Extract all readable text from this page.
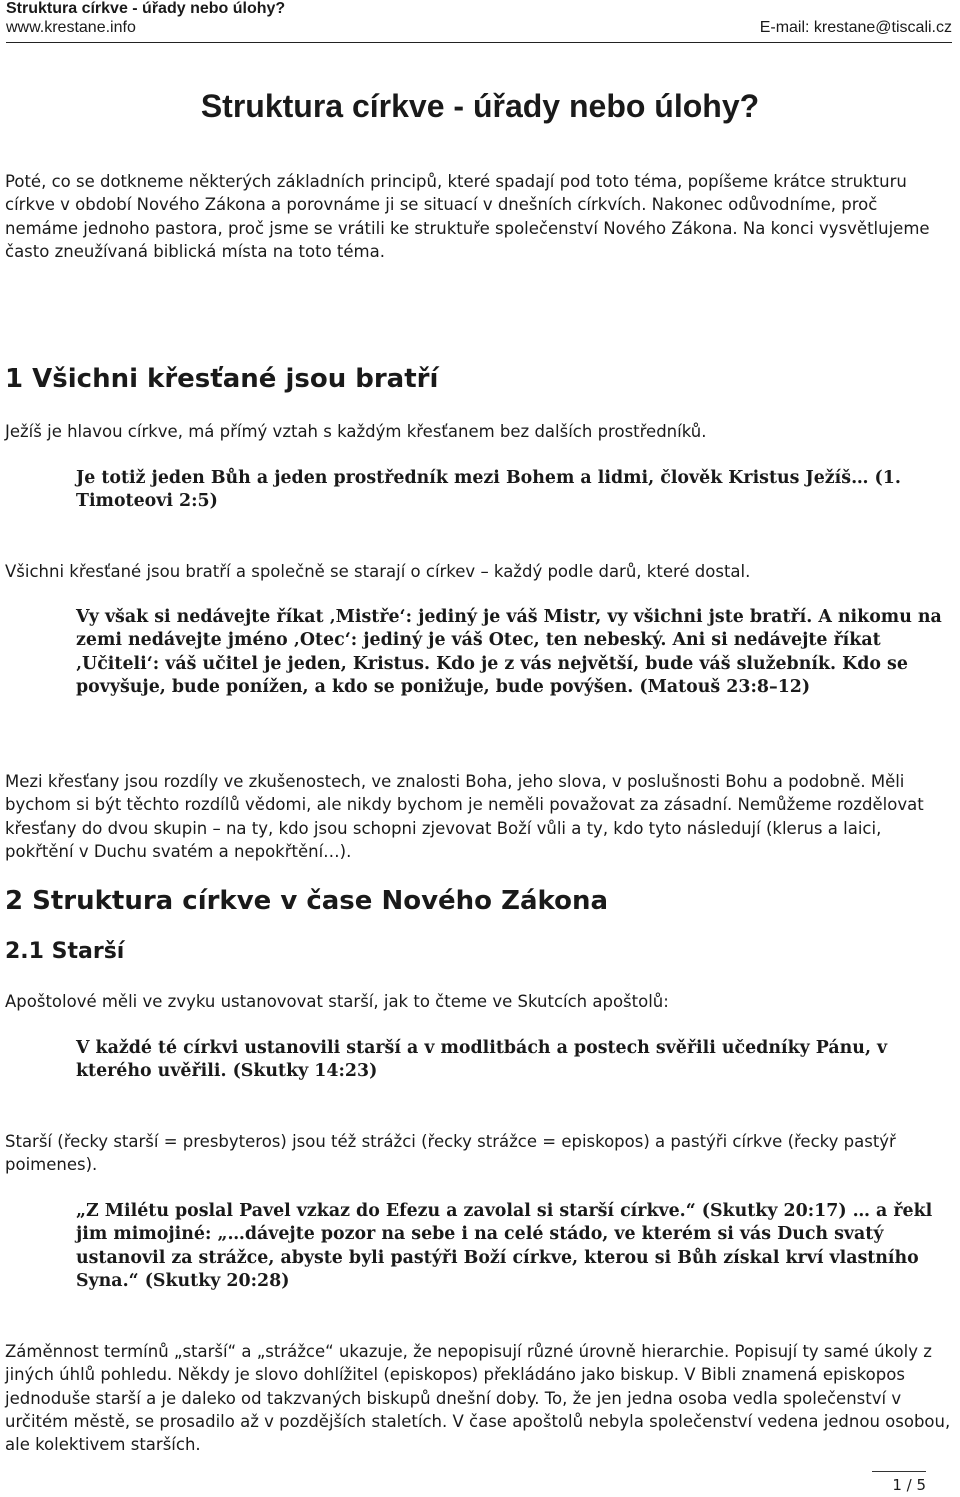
Struktura církve - úřady nebo úlohy?
www.krestane.info	E-mail: krestane@tiscali.cz
Struktura církve - úřady nebo úlohy?

Poté, co se dotkneme některých základních principů, které spadají pod toto téma, popíšeme krátce strukturu církve v období Nového Zákona a porovnáme ji se situací v dnešních církvích. Nakonec odůvodníme, proč nemáme jednoho pastora, proč jsme se vrátili ke struktuře společenství Nového Zákona. Na konci vysvětlujeme často zneužívaná biblická místa na toto téma.

1 Všichni křesťané jsou bratří

Ježíš je hlavou církve, má přímý vztah s každým křesťanem bez dalších prostředníků.

Je totiž jeden Bůh a jeden prostředník mezi Bohem a lidmi, člověk Kristus Ježíš… (1. Timoteovi 2:5)

Všichni křesťané jsou bratří a společně se starají o církev – každý podle darů, které dostal.

Vy však si nedávejte říkat ‚Mistře‘: jediný je váš Mistr, vy všichni jste bratří. A nikomu na zemi nedávejte jméno ‚Otec‘: jediný je váš Otec, ten nebeský. Ani si nedávejte říkat ‚Učiteli‘: váš učitel je jeden, Kristus. Kdo je z vás největší, bude váš služebník. Kdo se povyšuje, bude ponížen, a kdo se ponižuje, bude povýšen. (Matouš 23:8–12)

Mezi křesťany jsou rozdíly ve zkušenostech, ve znalosti Boha, jeho slova, v poslušnosti Bohu a podobně. Měli bychom si být těchto rozdílů vědomi, ale nikdy bychom je neměli považovat za zásadní. Nemůžeme rozdělovat křesťany do dvou skupin – na ty, kdo jsou schopni zjevovat Boží vůli a ty, kdo tyto následují (klerus a laici, pokřtění v Duchu svatém a nepokřtění…).

2 Struktura církve v čase Nového Zákona
2.1 Starší

Apoštolové měli ve zvyku ustanovovat starší, jak to čteme ve Skutcích apoštolů:

V každé té církvi ustanovili starší a v modlitbách a postech svěřili učedníky Pánu, v kterého uvěřili. (Skutky 14:23)

Starší (řecky starší = presbyteros) jsou též strážci (řecky strážce = episkopos) a pastýři církve (řecky pastýř poimenes).

„Z Milétu poslal Pavel vzkaz do Efezu a zavolal si starší církve.“ (Skutky 20:17) … a řekl jim mimojiné: „…dávejte pozor na sebe i na celé stádo, ve kterém si vás Duch svatý ustanovil za strážce, abyste byli pastýři Boží církve, kterou si Bůh získal krví vlastního Syna.“ (Skutky 20:28)

Záměnnost termínů „starší“ a „strážce“ ukazuje, že nepopisují různé úrovně hierarchie. Popisují ty samé úkoly z jiných úhlů pohledu. Někdy je slovo dohlížitel (episkopos) překládáno jako biskup. V Bibli znamená episkopos jednoduše starší a je daleko od takzvaných biskupů dnešní doby. To, že jen jedna osoba vedla společenství v určitém městě, se prosadilo až v pozdějších staletích. V čase apoštolů nebyla společenství vedena jednou osobou, ale kolektivem starších.

1 / 5
